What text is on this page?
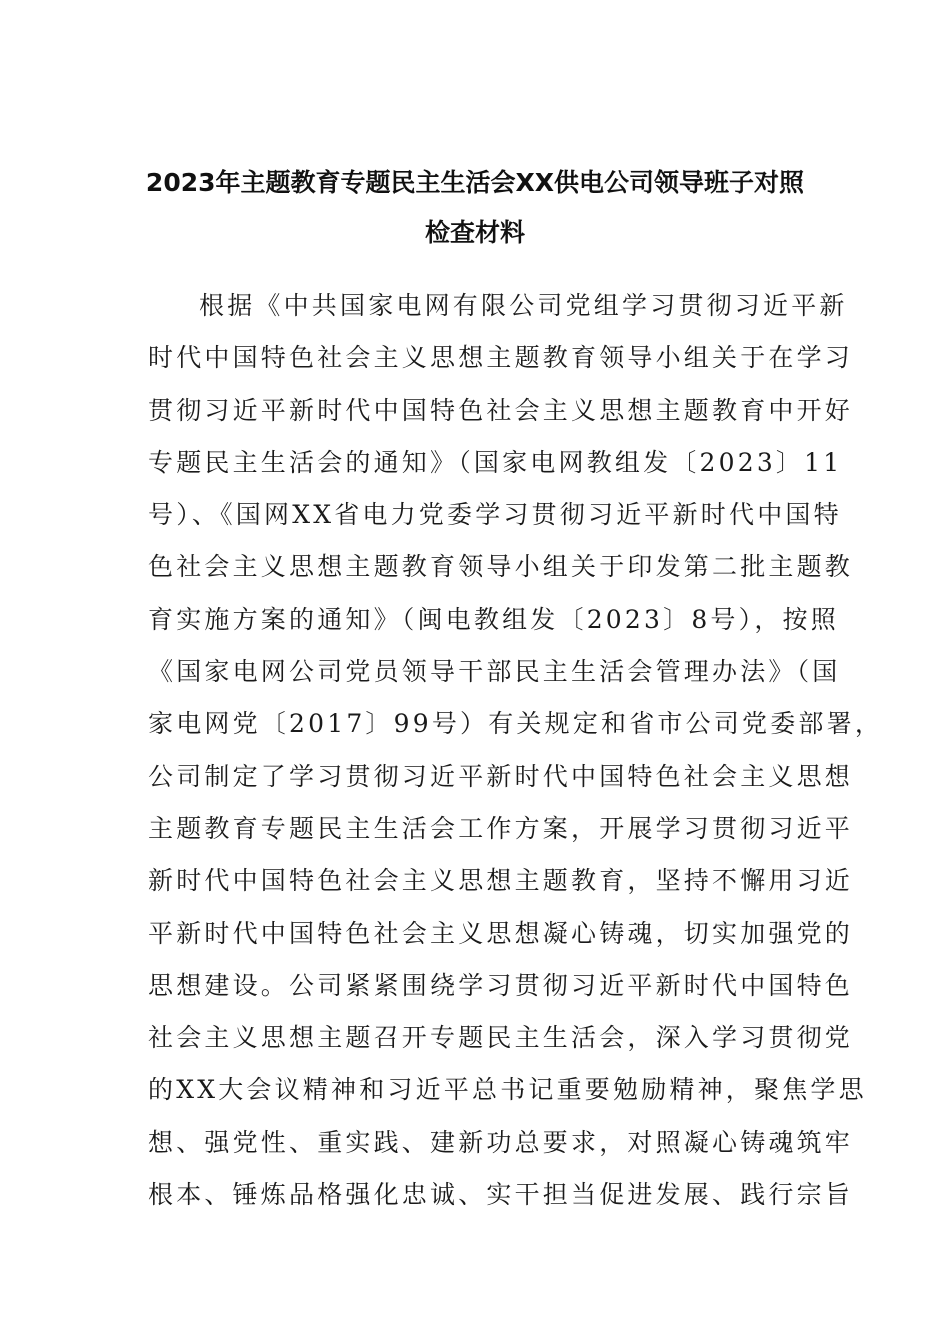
2023年主题教育专题民主生活会XX供电公司领导班子对照
检查材料
根据《中共国家电网有限公司党组学习贯彻习近平新
时代中国特色社会主义思想主题教育领导小组关于在学习
贯彻习近平新时代中国特色社会主义思想主题教育中开好
专题民主生活会的通知》（国家电网教组发〔2023〕11
号）、《国网XX省电力党委学习贯彻习近平新时代中国特
色社会主义思想主题教育领导小组关于印发第二批主题教
育实施方案的通知》（闽电教组发〔2023〕8号），按照
《国家电网公司党员领导干部民主生活会管理办法》（国
家电网党〔2017〕99号）有关规定和省市公司党委部署，
公司制定了学习贯彻习近平新时代中国特色社会主义思想
主题教育专题民主生活会工作方案，开展学习贯彻习近平
新时代中国特色社会主义思想主题教育，坚持不懈用习近
平新时代中国特色社会主义思想凝心铸魂，切实加强党的
思想建设。公司紧紧围绕学习贯彻习近平新时代中国特色
社会主义思想主题召开专题民主生活会，深入学习贯彻党
的XX大会议精神和习近平总书记重要勉励精神，聚焦学思
想、强党性、重实践、建新功总要求，对照凝心铸魂筑牢
根本、锤炼品格强化忠诚、实干担当促进发展、践行宗旨
